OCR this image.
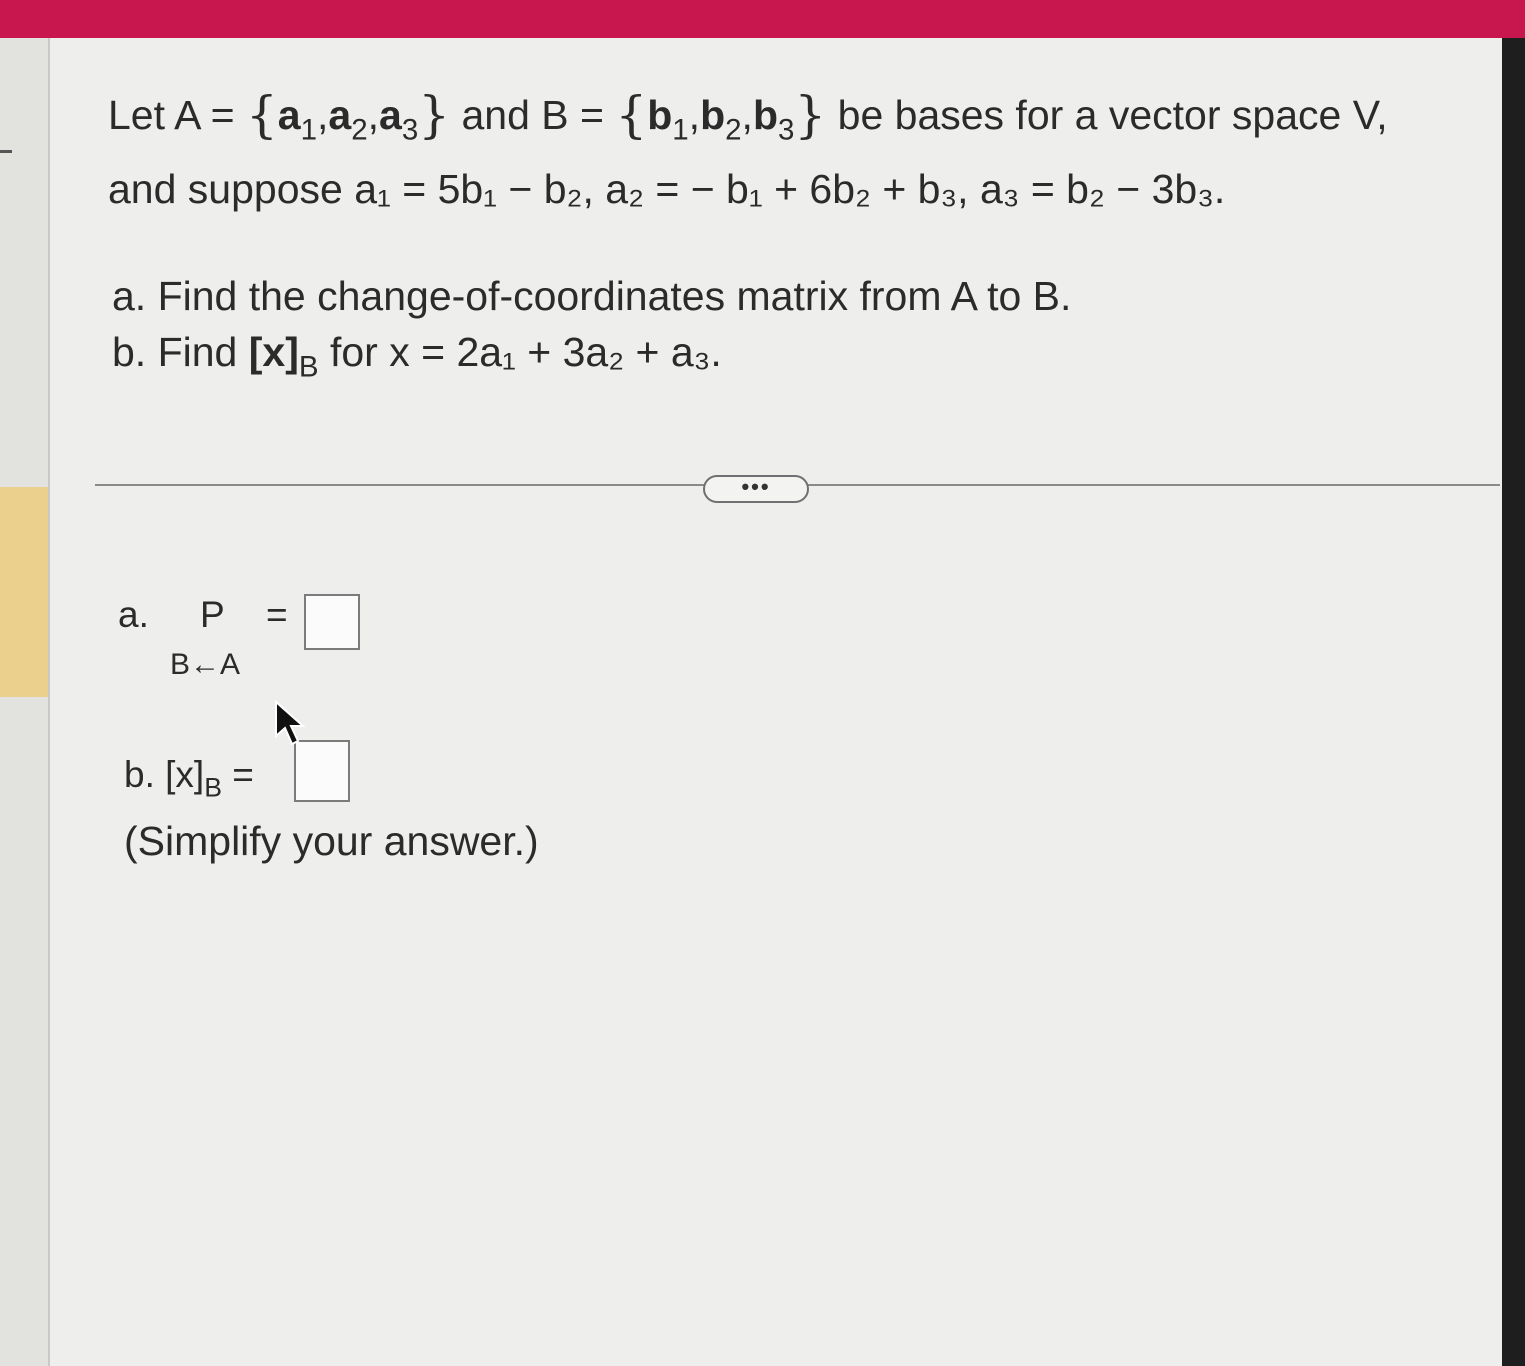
Let $A = \{a_1,a_2,a_3\}$ and $B = \{b_1,b_2,b_3\}$ be bases for a vector space V,

and suppose a₁ = 5b₁ − b₂, a₂ = − b₁ + 6b₂ + b₃, a₃ = b₂ − 3b₃.

a. Find the change-of-coordinates matrix from A to B.

b. Find $[x]_B$ for x = 2a₁ + 3a₂ + a₃.

•••
a. P
B←A
=
b. $[x]_B$ =
(Simplify your answer.)
